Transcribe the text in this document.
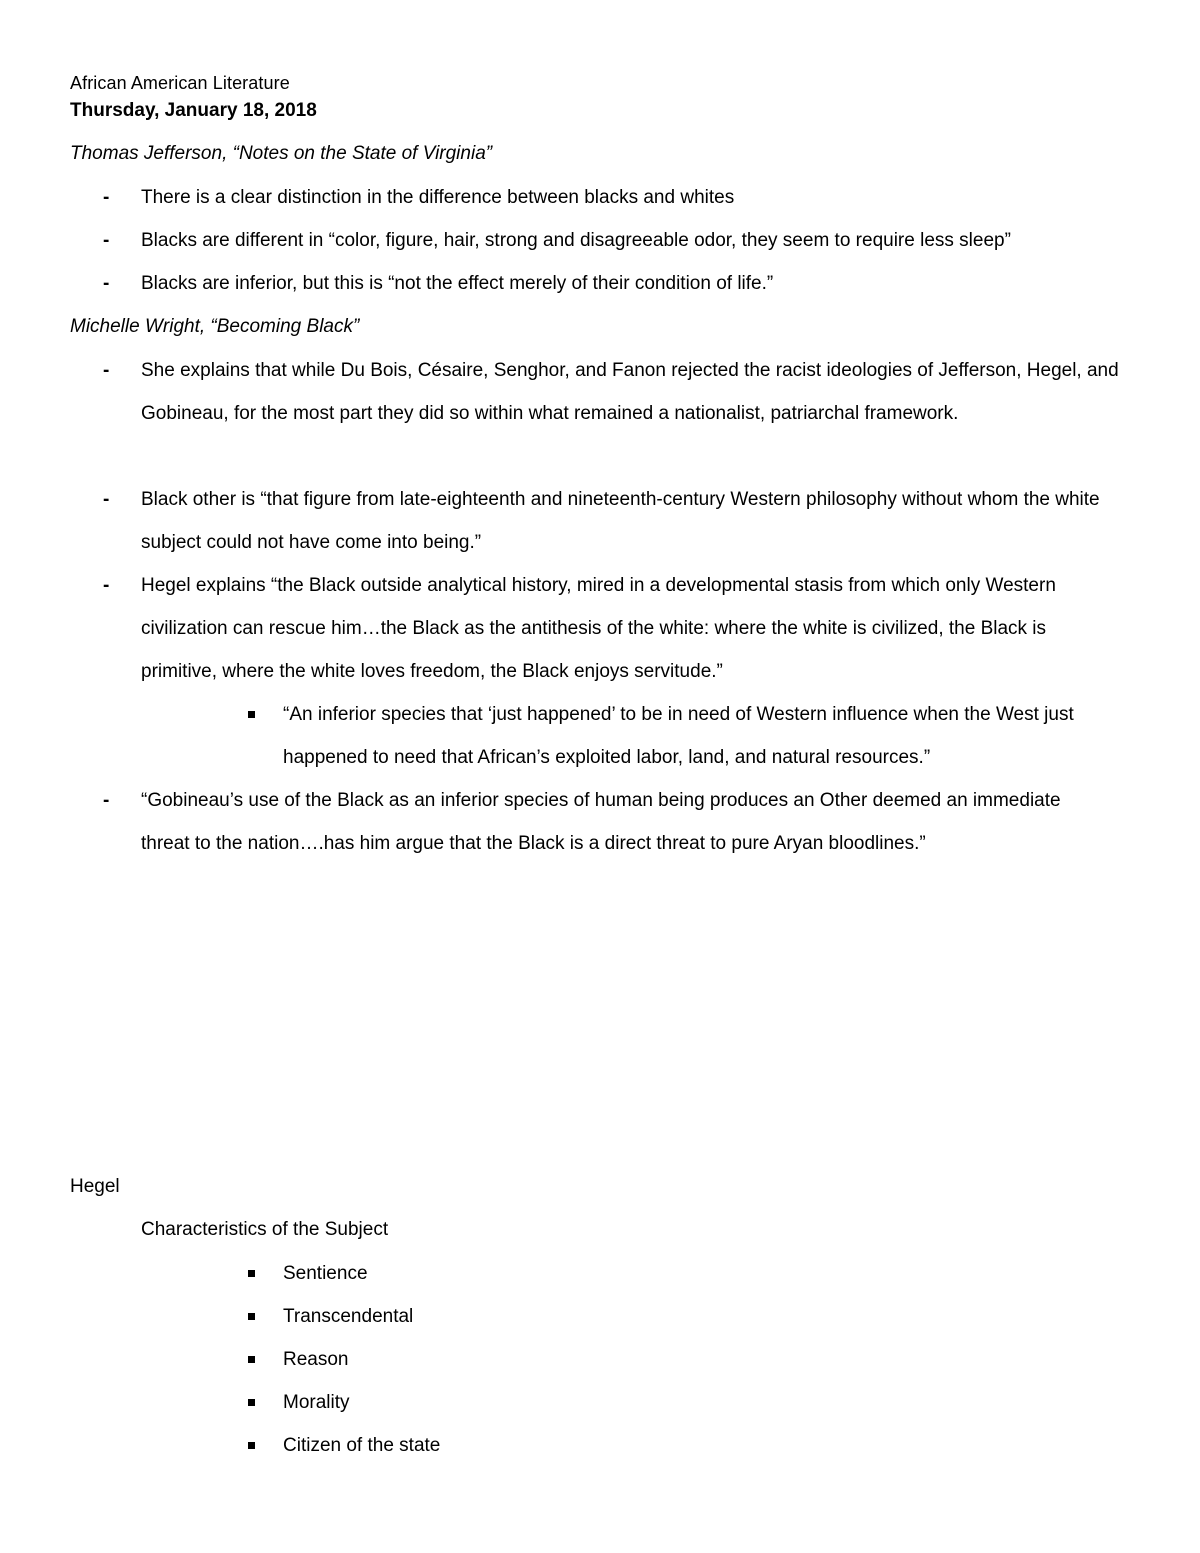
African American Literature
Thursday, January 18, 2018
Thomas Jefferson, “Notes on the State of Virginia”
- There is a clear distinction in the difference between blacks and whites
- Blacks are different in “color, figure, hair, strong and disagreeable odor, they seem to require less sleep”
- Blacks are inferior, but this is “not the effect merely of their condition of life.”
Michelle Wright, “Becoming Black”
- She explains that while Du Bois, Césaire, Senghor, and Fanon rejected the racist ideologies of Jefferson, Hegel, and Gobineau, for the most part they did so within what remained a nationalist, patriarchal framework.
- Black other is “that figure from late-eighteenth and nineteenth-century Western philosophy without whom the white subject could not have come into being.”
- Hegel explains “the Black outside analytical history, mired in a developmental stasis from which only Western civilization can rescue him…the Black as the antithesis of the white: where the white is civilized, the Black is primitive, where the white loves freedom, the Black enjoys servitude.”
“An inferior species that ‘just happened’ to be in need of Western influence when the West just happened to need that African’s exploited labor, land, and natural resources.”
- “Gobineau’s use of the Black as an inferior species of human being produces an Other deemed an immediate threat to the nation….has him argue that the Black is a direct threat to pure Aryan bloodlines.”
Hegel
Characteristics of the Subject
Sentience
Transcendental
Reason
Morality
Citizen of the state
